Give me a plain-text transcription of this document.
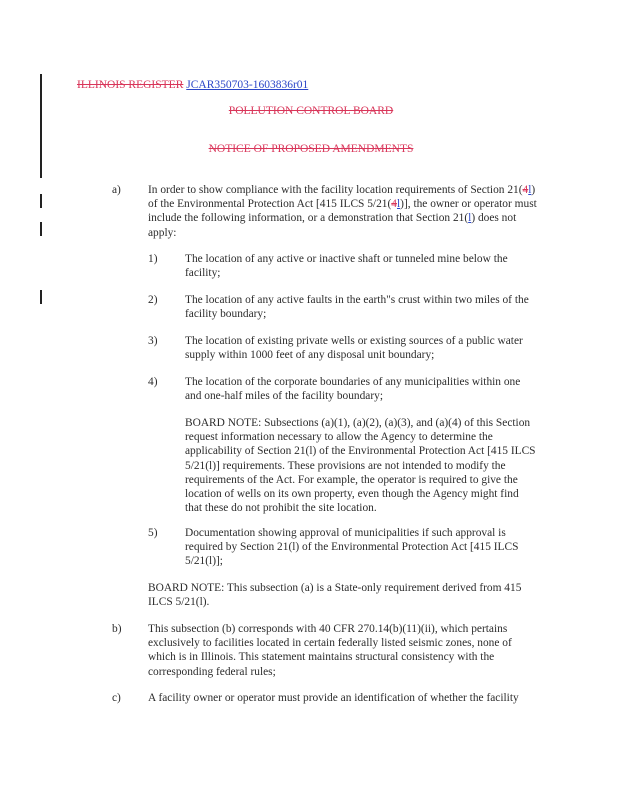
ILLINOIS REGISTER JCAR350703-1603836r01
POLLUTION CONTROL BOARD
NOTICE OF PROPOSED AMENDMENTS
a) In order to show compliance with the facility location requirements of Section 21(4l) of the Environmental Protection Act [415 ILCS 5/21(4l)], the owner or operator must include the following information, or a demonstration that Section 21(l) does not apply:
1) The location of any active or inactive shaft or tunneled mine below the facility;
2) The location of any active faults in the earth"s crust within two miles of the facility boundary;
3) The location of existing private wells or existing sources of a public water supply within 1000 feet of any disposal unit boundary;
4) The location of the corporate boundaries of any municipalities within one and one-half miles of the facility boundary;
BOARD NOTE: Subsections (a)(1), (a)(2), (a)(3), and (a)(4) of this Section request information necessary to allow the Agency to determine the applicability of Section 21(l) of the Environmental Protection Act [415 ILCS 5/21(l)] requirements. These provisions are not intended to modify the requirements of the Act. For example, the operator is required to give the location of wells on its own property, even though the Agency might find that these do not prohibit the site location.
5) Documentation showing approval of municipalities if such approval is required by Section 21(l) of the Environmental Protection Act [415 ILCS 5/21(l)];
BOARD NOTE: This subsection (a) is a State-only requirement derived from 415 ILCS 5/21(l).
b) This subsection (b) corresponds with 40 CFR 270.14(b)(11)(ii), which pertains exclusively to facilities located in certain federally listed seismic zones, none of which is in Illinois. This statement maintains structural consistency with the corresponding federal rules;
c) A facility owner or operator must provide an identification of whether the facility
